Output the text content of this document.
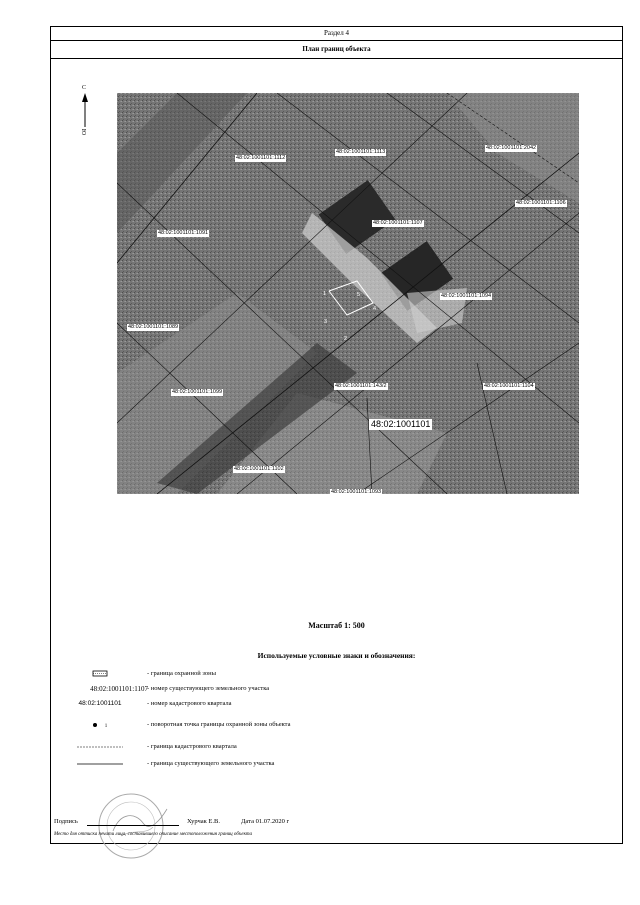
Раздел 4
План границ объекта
С
Ю
48:02:1001101:1112
48:02:1001101:1113
48:02:1001101:2042
48:02:1001101:1106
48:02:1001101:1091
48:02:1001101:1107
48:02:1001101:1094
48:02:1001101:1089
48:02:1001101:1099
48:02:1001101:143/2	48:02:1001101:1104
48:02:1001101:1102
48:02:1001101:1093
48:02:1001101
5
4
3
2
1
Масштаб 1: 500
Используемые условные знаки и обозначения:
- граница охранной зоны
48:02:1001101:1107 - номер существующего земельного участка
48:02:1001101	- номер кадастрового квартала
1	- поворотная точка границы охранной зоны объекта
- граница кадастрового квартала
- граница существующего земельного участка
Подпись	Хурчак Е.В.	Дата 01.07.2020 г
Место для оттиска печати лица, составившего описание местоположения границ объекта
